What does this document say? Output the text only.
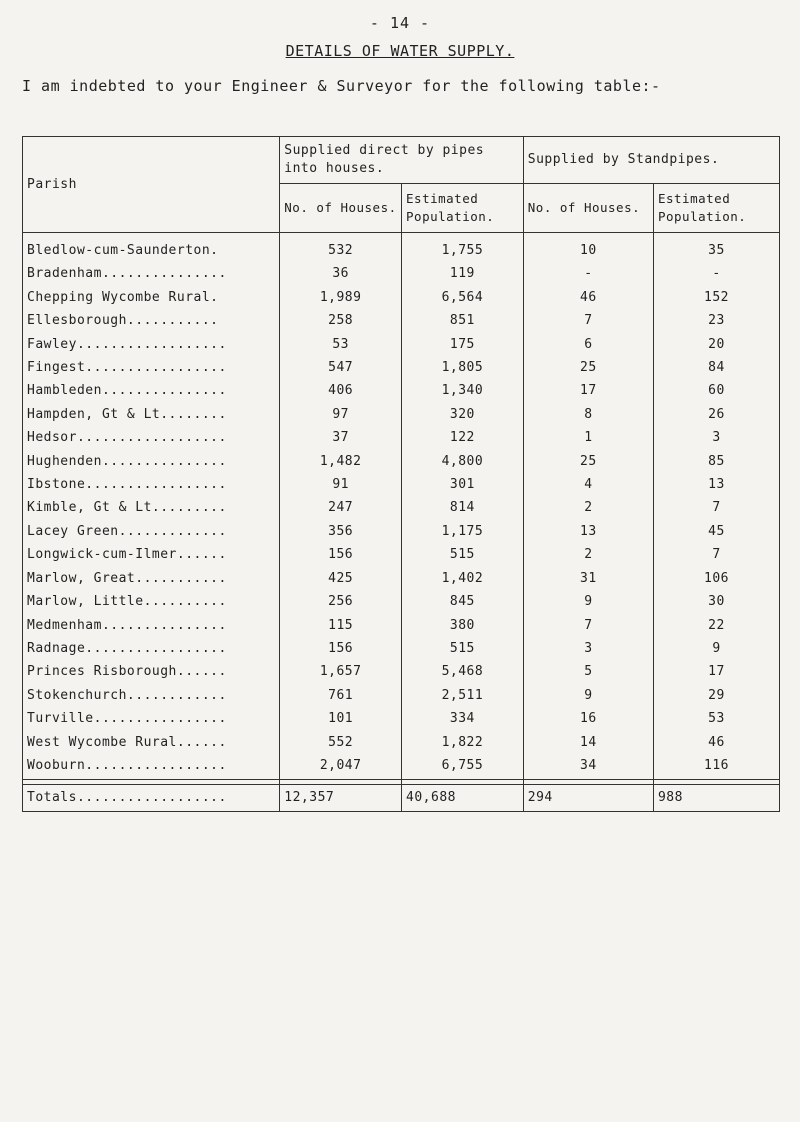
- 14 -
DETAILS OF WATER SUPPLY.
I am indebted to your Engineer & Surveyor for the following table:-
Parish	Supplied direct by pipes into houses.		Supplied by Standpipes.	
	No. of Houses.	Estimated Population.	No. of Houses.	Estimated Population.
Bledlow-cum-Saunderton.	532	1,755	10	35
Bradenham...............	36	119	-	-
Chepping Wycombe Rural.	1,989	6,564	46	152
Ellesborough...........	258	851	7	23
Fawley..................	53	175	6	20
Fingest.................	547	1,805	25	84
Hambleden...............	406	1,340	17	60
Hampden, Gt & Lt........	97	320	8	26
Hedsor..................	37	122	1	3
Hughenden...............	1,482	4,800	25	85
Ibstone.................	91	301	4	13
Kimble, Gt & Lt.........	247	814	2	7
Lacey Green.............	356	1,175	13	45
Longwick-cum-Ilmer......	156	515	2	7
Marlow, Great...........	425	1,402	31	106
Marlow, Little..........	256	845	9	30
Medmenham...............	115	380	7	22
Radnage.................	156	515	3	9
Princes Risborough......	1,657	5,468	5	17
Stokenchurch............	761	2,511	9	29
Turville................	101	334	16	53
West Wycombe Rural......	552	1,822	14	46
Wooburn.................	2,047	6,755	34	116

Totals..................	12,357	40,688	294	988
